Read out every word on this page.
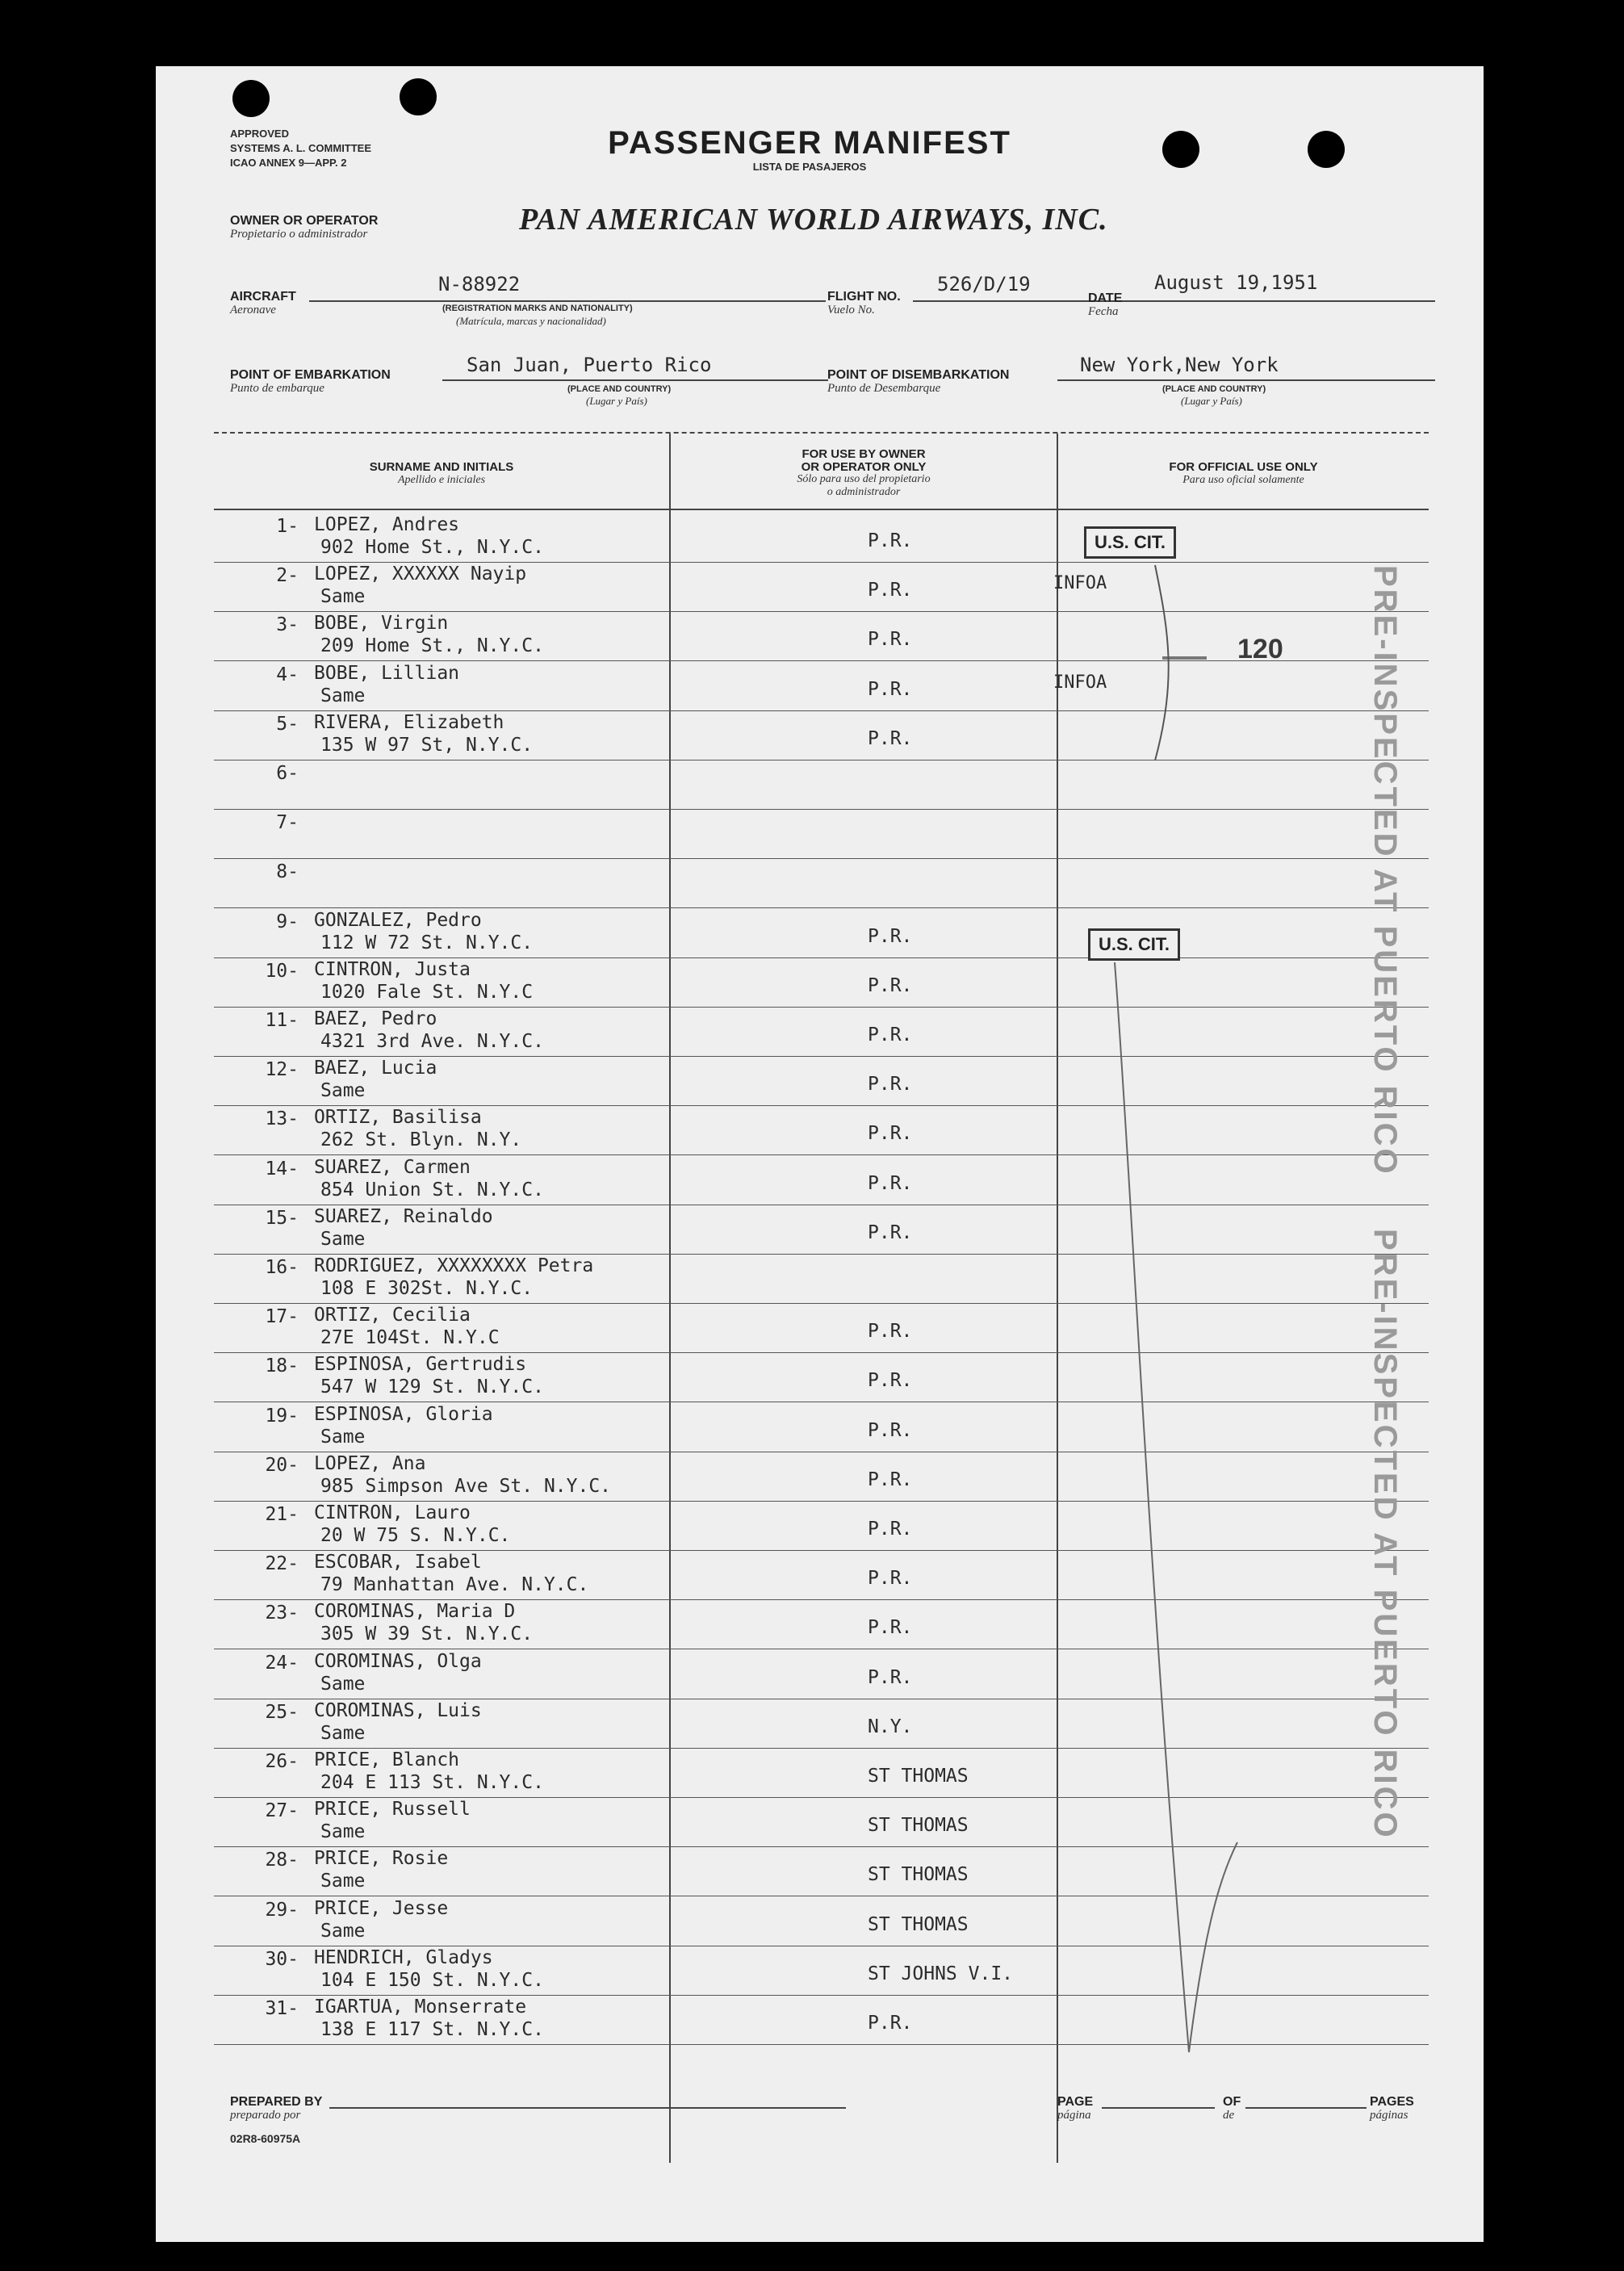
APPROVED
SYSTEMS A. L. COMMITTEE
ICAO ANNEX 9—APP. 2
PASSENGER MANIFEST
LISTA DE PASAJEROS
OWNER OR OPERATOR
Propietario o administrador	PAN AMERICAN WORLD AIRWAYS, INC.
AIRCRAFT
Aeronave
N-88922
(REGISTRATION MARKS AND NATIONALITY)
(Matrícula, marcas y nacionalidad)
FLIGHT NO.
Vuelo No.
526/D/19
DATE
Fecha
August 19,1951
POINT OF EMBARKATION
Punto de embarque
San Juan, Puerto Rico
(PLACE AND COUNTRY)
(Lugar y País)
POINT OF DISEMBARKATION
Punto de Desembarque
New York,New York
(PLACE AND COUNTRY)
(Lugar y País)
SURNAME AND INITIALS
Apellido e iniciales
FOR USE BY OWNER
OR OPERATOR ONLY
Sólo para uso del propietario
o administrador
FOR OFFICIAL USE ONLY
Para uso oficial solamente
1- LOPEZ, Andres
902 Home St., N.Y.C.	P.R.
2- LOPEZ, XXXXXX Nayip
Same	P.R.	INFOA
3- BOBE, Virgin
209 Home St., N.Y.C.	P.R.
4- BOBE, Lillian
Same	P.R.	INFOA
5- RIVERA, Elizabeth
135 W 97 St, N.Y.C.	P.R.
6-
7-
8-
9- GONZALEZ, Pedro
112 W 72 St. N.Y.C.	P.R.
10- CINTRON, Justa
1020 Fale St. N.Y.C	P.R.
11- BAEZ, Pedro
4321 3rd Ave. N.Y.C.	P.R.
12- BAEZ, Lucia
Same	P.R.
13- ORTIZ, Basilisa
262 St. Blyn. N.Y.	P.R.
14- SUAREZ, Carmen
854 Union St. N.Y.C.	P.R.
15- SUAREZ, Reinaldo
Same	P.R.
16- RODRIGUEZ, XXXXXXXX Petra
108 E 302St. N.Y.C.
17- ORTIZ, Cecilia
27E 104St. N.Y.C	P.R.
18- ESPINOSA, Gertrudis
547 W 129 St. N.Y.C.	P.R.
19- ESPINOSA, Gloria
Same	P.R.
20- LOPEZ, Ana
985 Simpson Ave St. N.Y.C.	P.R.
21- CINTRON, Lauro
20 W 75 S. N.Y.C.	P.R.
22- ESCOBAR, Isabel
79 Manhattan Ave. N.Y.C.	P.R.
23- COROMINAS, Maria D
305 W 39 St. N.Y.C.	P.R.
24- COROMINAS, Olga
Same	P.R.
25- COROMINAS, Luis
Same	N.Y.
26- PRICE, Blanch
204 E 113 St. N.Y.C.	ST THOMAS
27- PRICE, Russell
Same	ST THOMAS
28- PRICE, Rosie
Same	ST THOMAS
29- PRICE, Jesse
Same	ST THOMAS
30- HENDRICH, Gladys
104 E 150 St. N.Y.C.	ST JOHNS V.I.
31- IGARTUA, Monserrate
138 E 117 St. N.Y.C.	P.R.
U.S. CIT.
U.S. CIT.
120	PRE-INSPECTED AT PUERTO RICO
PRE-INSPECTED AT PUERTO RICO
PREPARED BY
preparado por
PAGE
página
OF
de
PAGES
páginas
02R8-60975A
